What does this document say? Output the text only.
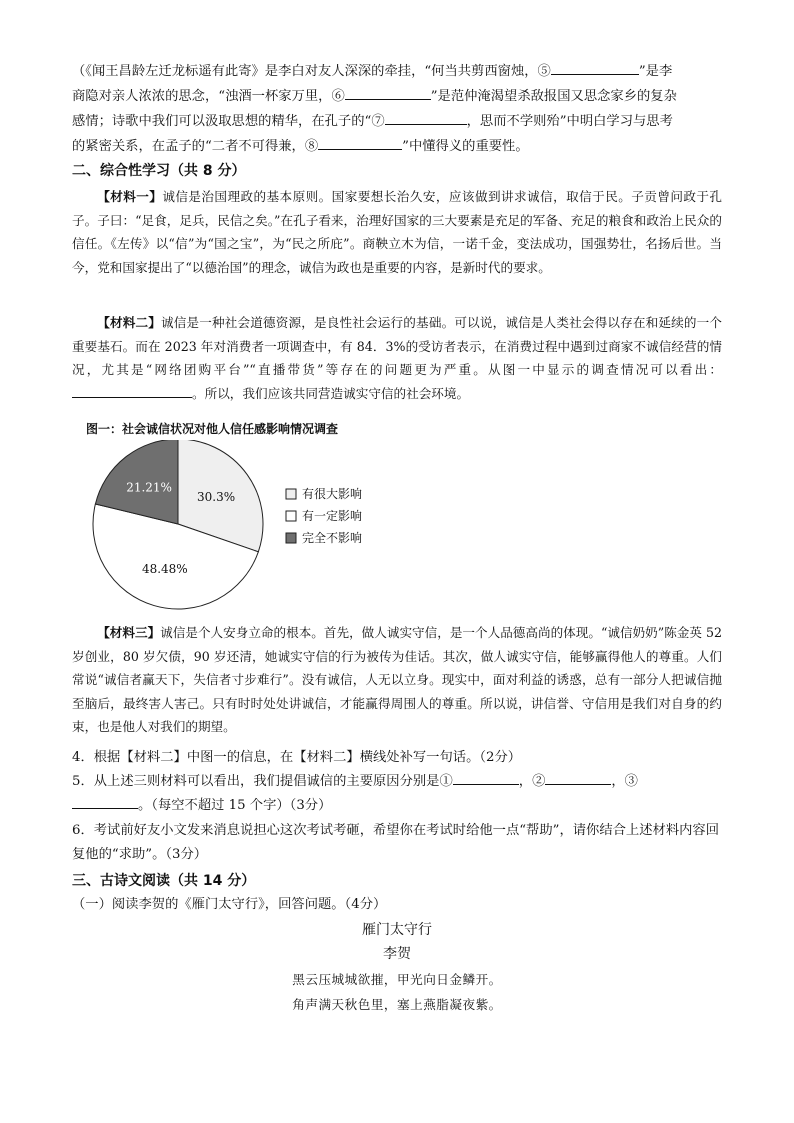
（《闻王昌龄左迁龙标遥有此寄》是李白对友人深深的牵挂，“何当共剪西窗烛，⑤	”是李
商隐对亲人浓浓的思念，“浊酒一杯家万里，⑥	”是范仲淹渴望杀敌报国又思念家乡的复杂
感情；诗歌中我们可以汲取思想的精华，在孔子的“⑦	，思而不学则殆”中明白学习与思考
的紧密关系，在孟子的“二者不可得兼，⑧	”中懂得义的重要性。
二、综合性学习（共 8 分）

【材料一】诚信是治国理政的基本原则。国家要想长治久安，应该做到讲求诚信，取信于民。子贡曾问政于孔子。子曰：“足食，足兵，民信之矣。”在孔子看来，治理好国家的三大要素是充足的军备、充足的粮食和政治上民众的信任。《左传》以“信”为“国之宝”，为“民之所庇”。商鞅立木为信，一诺千金，变法成功，国强势壮，名扬后世。当今，党和国家提出了“以德治国”的理念，诚信为政也是重要的内容，是新时代的要求。

【材料二】诚信是一种社会道德资源，是良性社会运行的基础。可以说，诚信是人类社会得以存在和延续的一个重要基石。而在 2023 年对消费者一项调查中，有 84．3%的受访者表示，在消费过程中遇到过商家不诚信经营的情况，尤其是“网络团购平台”“直播带货”等存在的问题更为严重。从图一中显示的调查情况可以看出：。所以，我们应该共同营造诚实守信的社会环境。

图一：社会诚信状况对他人信任感影响情况调查
30.3%
48.48%
21.21%	有很大影响
有一定影响
完全不影响

【材料三】诚信是个人安身立命的根本。首先，做人诚实守信，是一个人品德高尚的体现。“诚信奶奶”陈金英 52 岁创业，80 岁欠债，90 岁还清，她诚实守信的行为被传为佳话。其次，做人诚实守信，能够赢得他人的尊重。人们常说“诚信者赢天下，失信者寸步难行”。没有诚信，人无以立身。现实中，面对利益的诱惑，总有一部分人把诚信抛至脑后，最终害人害己。只有时时处处讲诚信，才能赢得周围人的尊重。所以说，讲信誉、守信用是我们对自身的约束，也是他人对我们的期望。

4．根据【材料二】中图一的信息，在【材料二】横线处补写一句话。（2分）
5．从上述三则材料可以看出，我们提倡诚信的主要原因分别是①	，②	，③
。（每空不超过 15 个字）（3分）
6．考试前好友小文发来消息说担心这次考试考砸，希望你在考试时给他一点“帮助”，请你结合上述材料内容回复他的“求助”。（3分）
三、古诗文阅读（共 14 分）
（一）阅读李贺的《雁门太守行》，回答问题。（4分）
雁门太守行
李贺
黑云压城城欲摧，甲光向日金鳞开。
角声满天秋色里，塞上燕脂凝夜紫。
